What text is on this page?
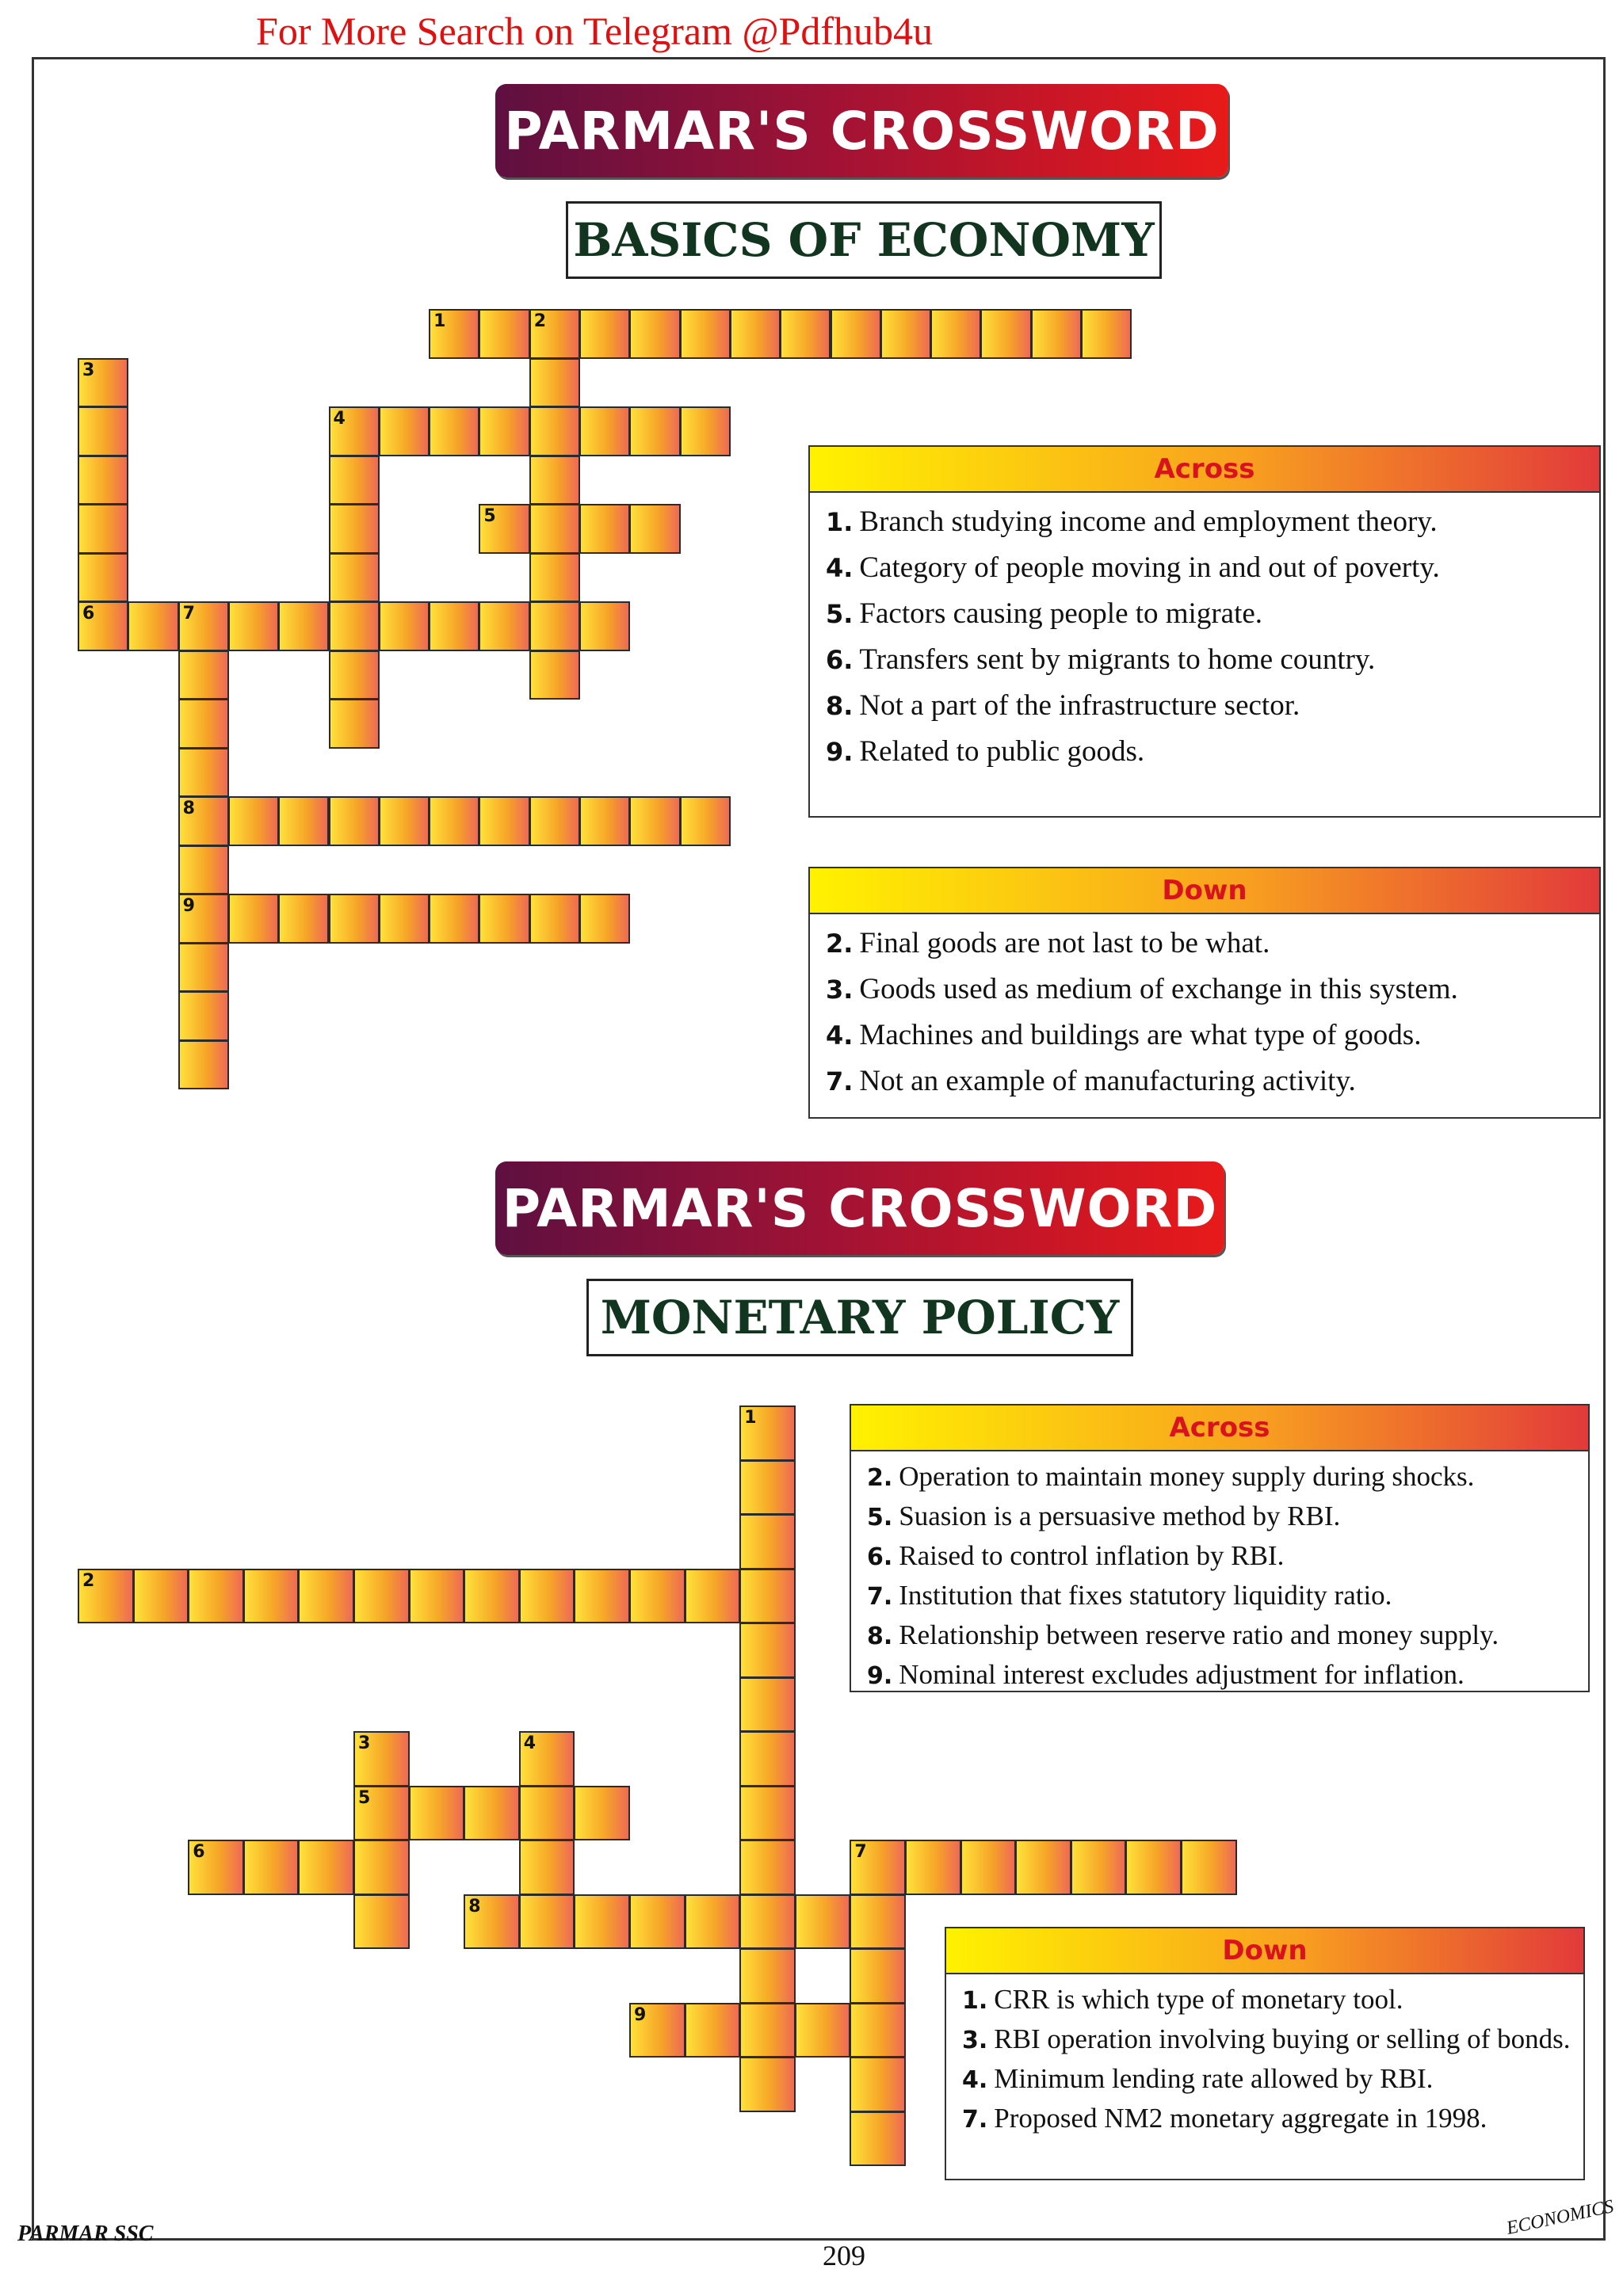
For More Search on Telegram @Pdfhub4u
PARMAR'S CROSSWORD
BASICS OF ECONOMY
Across
1. Branch studying income and employment theory.
4. Category of people moving in and out of poverty.
5. Factors causing people to migrate.
6. Transfers sent by migrants to home country.
8. Not a part of the infrastructure sector.
9. Related to public goods.
Down
2. Final goods are not last to be what.
3. Goods used as medium of exchange in this system.
4. Machines and buildings are what type of goods.
7. Not an example of manufacturing activity.
PARMAR'S CROSSWORD
MONETARY POLICY
Across
2. Operation to maintain money supply during shocks.
5. Suasion is a persuasive method by RBI.
6. Raised to control inflation by RBI.
7. Institution that fixes statutory liquidity ratio.
8. Relationship between reserve ratio and money supply.
9. Nominal interest excludes adjustment for inflation.
Down
1. CRR is which type of monetary tool.
3. RBI operation involving buying or selling of bonds.
4. Minimum lending rate allowed by RBI.
7. Proposed NM2 monetary aggregate in 1998.
1	2
3
6
4
5
7
8
9
1
2
3
5
4
6	7
8
9
PARMAR SSC
209
ECONOMICS
